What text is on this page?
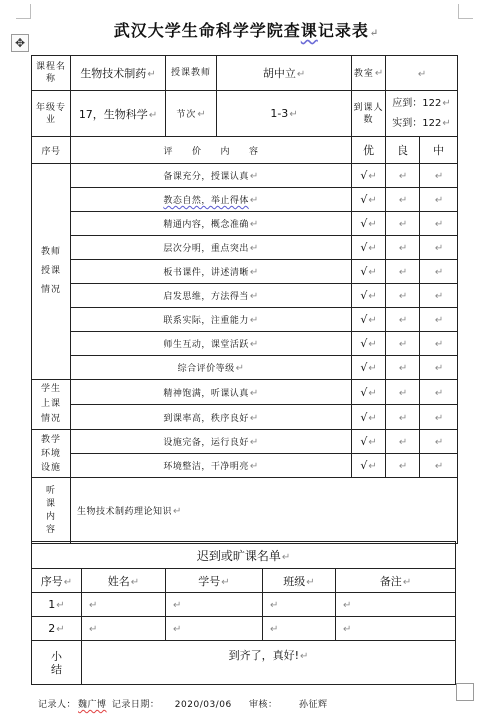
武汉大学生命科学学院查课记录表↵
✥
课程名称	生物技术制药↵	授课教师	胡中立↵	教室↵	↵		

年级专业	17，生物科学↵	节次↵	1-3↵	到课人数	应到：122↵
实到：122↵		

序号	评　　价　　内　　容			优	良	中	

教师授课情况	备课充分，授课认真↵			√↵	↵	↵	
	教态自然，举止得体↵			√↵	↵	↵	
	精通内容，概念准确↵			√↵	↵	↵	
	层次分明，重点突出↵			√↵	↵	↵	
	板书课件，讲述清晰↵			√↵	↵	↵	
	启发思维，方法得当↵			√↵	↵	↵	
	联系实际，注重能力↵			√↵	↵	↵	
	师生互动，课堂活跃↵			√↵	↵	↵	
	综合评价等级↵			√↵	↵	↵	

学生上课情况	精神饱满，听课认真↵			√↵	↵	↵	
	到课率高，秩序良好↵			√↵	↵	↵	

教学环境设施	设施完备，运行良好↵			√↵	↵	↵	
	环境整洁，干净明亮↵			√↵	↵	↵	

听课内容	生物技术制药理论知识↵						
迟到或旷课名单↵				
序号↵	姓名↵	学号↵	班级↵	备注↵
1↵	↵	↵	↵	↵
2↵	↵	↵	↵	↵

小结	到齐了，真好!↵			
记录人： 魏广博 记录日期： 2020/03/06 审核： 孙征辉
